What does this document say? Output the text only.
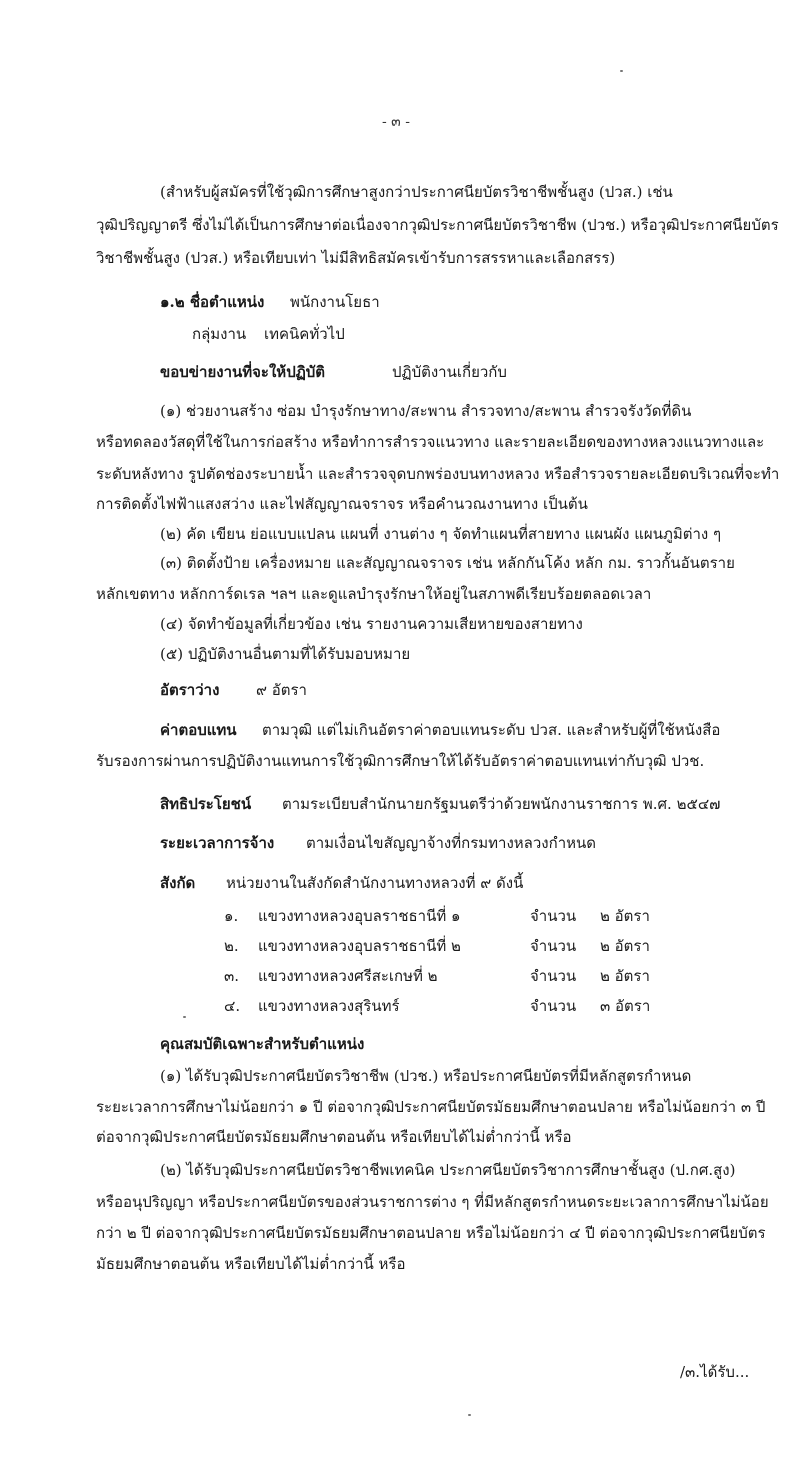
- ๓ -
(สำหรับผู้สมัครที่ใช้วุฒิการศึกษาสูงกว่าประกาศนียบัตรวิชาชีพชั้นสูง (ปวส.) เช่น
วุฒิปริญญาตรี ซึ่งไม่ได้เป็นการศึกษาต่อเนื่องจากวุฒิประกาศนียบัตรวิชาชีพ (ปวช.) หรือวุฒิประกาศนียบัตร
วิชาชีพชั้นสูง (ปวส.) หรือเทียบเท่า ไม่มีสิทธิสมัครเข้ารับการสรรหาและเลือกสรร)
๑.๒ ชื่อตำแหน่ง พนักงานโยธา
กลุ่มงาน เทคนิคทั่วไป
ขอบข่ายงานที่จะให้ปฏิบัติ	ปฏิบัติงานเกี่ยวกับ
(๑) ช่วยงานสร้าง ซ่อม บำรุงรักษาทาง/สะพาน สำรวจทาง/สะพาน สำรวจรังวัดที่ดิน
หรือทดลองวัสดุที่ใช้ในการก่อสร้าง หรือทำการสำรวจแนวทาง และรายละเอียดของทางหลวงแนวทางและ
ระดับหลังทาง รูปตัดช่องระบายน้ำ และสำรวจจุดบกพร่องบนทางหลวง หรือสำรวจรายละเอียดบริเวณที่จะทำ
การติดตั้งไฟฟ้าแสงสว่าง และไฟสัญญาณจราจร หรือคำนวณงานทาง เป็นต้น
(๒) คัด เขียน ย่อแบบแปลน แผนที่ งานต่าง ๆ จัดทำแผนที่สายทาง แผนผัง แผนภูมิต่าง ๆ
(๓) ติดตั้งป้าย เครื่องหมาย และสัญญาณจราจร เช่น หลักกันโค้ง หลัก กม. ราวกั้นอันตราย
หลักเขตทาง หลักการ์ดเรล ฯลฯ และดูแลบำรุงรักษาให้อยู่ในสภาพดีเรียบร้อยตลอดเวลา
(๔) จัดทำข้อมูลที่เกี่ยวข้อง เช่น รายงานความเสียหายของสายทาง
(๕) ปฏิบัติงานอื่นตามที่ได้รับมอบหมาย
อัตราว่าง ๙ อัตรา
ค่าตอบแทน ตามวุฒิ แต่ไม่เกินอัตราค่าตอบแทนระดับ ปวส. และสำหรับผู้ที่ใช้หนังสือ
รับรองการผ่านการปฏิบัติงานแทนการใช้วุฒิการศึกษาให้ได้รับอัตราค่าตอบแทนเท่ากับวุฒิ ปวช.
สิทธิประโยชน์ ตามระเบียบสำนักนายกรัฐมนตรีว่าด้วยพนักงานราชการ พ.ศ. ๒๕๔๗
ระยะเวลาการจ้าง ตามเงื่อนไขสัญญาจ้างที่กรมทางหลวงกำหนด
สังกัด หน่วยงานในสังกัดสำนักงานทางหลวงที่ ๙ ดังนี้
๑. แขวงทางหลวงอุบลราชธานีที่ ๑	จำนวน ๒ อัตรา
๒. แขวงทางหลวงอุบลราชธานีที่ ๒	จำนวน ๒ อัตรา
๓. แขวงทางหลวงศรีสะเกษที่ ๒	จำนวน ๒ อัตรา
๔. แขวงทางหลวงสุรินทร์	จำนวน ๓ อัตรา
คุณสมบัติเฉพาะสำหรับตำแหน่ง
(๑) ได้รับวุฒิประกาศนียบัตรวิชาชีพ (ปวช.) หรือประกาศนียบัตรที่มีหลักสูตรกำหนด
ระยะเวลาการศึกษาไม่น้อยกว่า ๑ ปี ต่อจากวุฒิประกาศนียบัตรมัธยมศึกษาตอนปลาย หรือไม่น้อยกว่า ๓ ปี
ต่อจากวุฒิประกาศนียบัตรมัธยมศึกษาตอนต้น หรือเทียบได้ไม่ต่ำกว่านี้ หรือ
(๒) ได้รับวุฒิประกาศนียบัตรวิชาชีพเทคนิค ประกาศนียบัตรวิชาการศึกษาชั้นสูง (ป.กศ.สูง)
หรืออนุปริญญา หรือประกาศนียบัตรของส่วนราชการต่าง ๆ ที่มีหลักสูตรกำหนดระยะเวลาการศึกษาไม่น้อย
กว่า ๒ ปี ต่อจากวุฒิประกาศนียบัตรมัธยมศึกษาตอนปลาย หรือไม่น้อยกว่า ๔ ปี ต่อจากวุฒิประกาศนียบัตร
มัธยมศึกษาตอนต้น หรือเทียบได้ไม่ต่ำกว่านี้ หรือ
/๓.ได้รับ...
